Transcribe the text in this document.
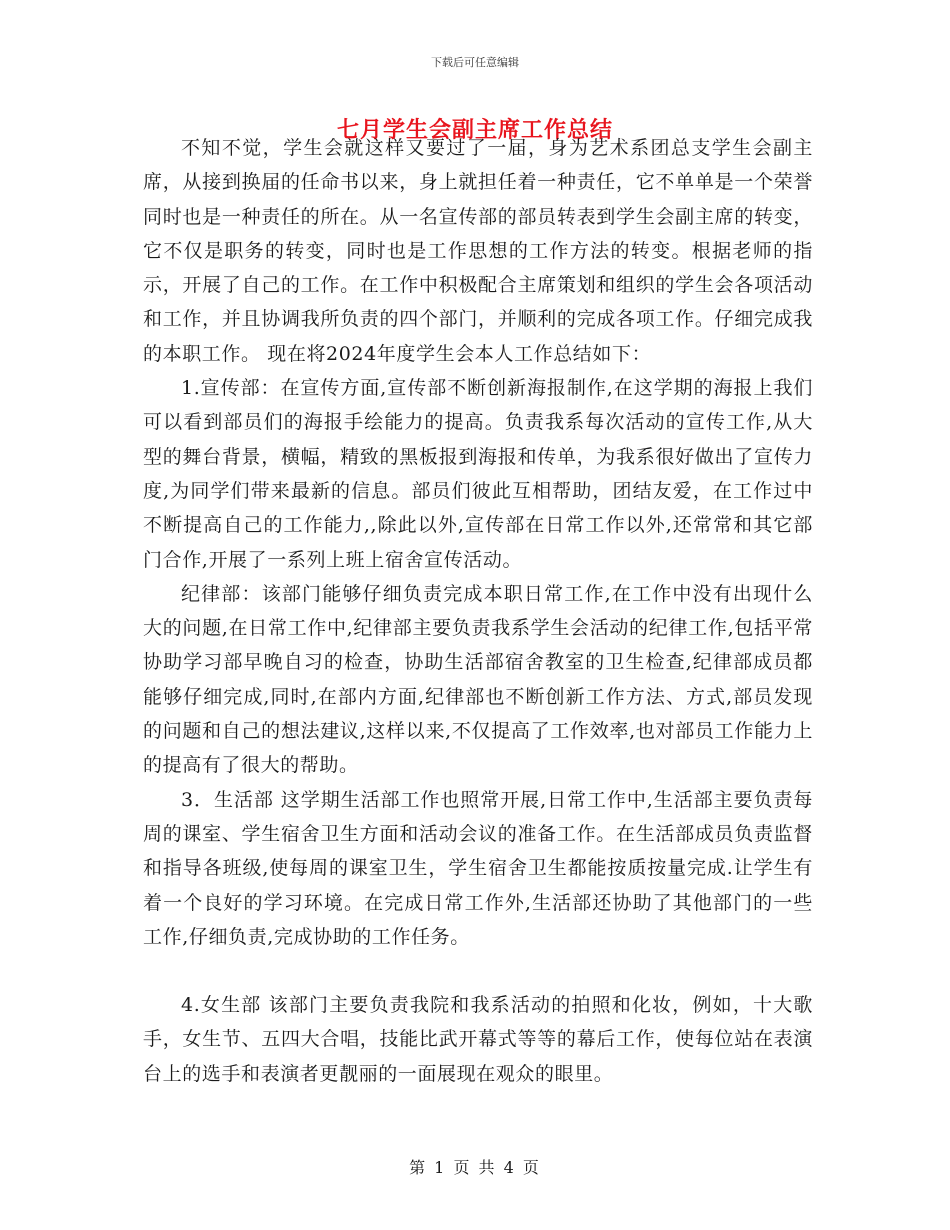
下载后可任意编辑
七月学生会副主席工作总结

不知不觉，学生会就这样又要过了一届，身为艺术系团总支学生会副主席，从接到换届的任命书以来，身上就担任着一种责任，它不单单是一个荣誉同时也是一种责任的所在。从一名宣传部的部员转表到学生会副主席的转变，它不仅是职务的转变，同时也是工作思想的工作方法的转变。根据老师的指示，开展了自己的工作。在工作中积极配合主席策划和组织的学生会各项活动和工作，并且协调我所负责的四个部门，并顺利的完成各项工作。仔细完成我的本职工作。 现在将2024年度学生会本人工作总结如下：

1.宣传部：在宣传方面,宣传部不断创新海报制作,在这学期的海报上我们可以看到部员们的海报手绘能力的提高。负责我系每次活动的宣传工作,从大型的舞台背景，横幅，精致的黑板报到海报和传单，为我系很好做出了宣传力度,为同学们带来最新的信息。部员们彼此互相帮助，团结友爱，在工作过中不断提高自己的工作能力,,除此以外,宣传部在日常工作以外,还常常和其它部门合作,开展了一系列上班上宿舍宣传活动。

纪律部：该部门能够仔细负责完成本职日常工作,在工作中没有出现什么大的问题,在日常工作中,纪律部主要负责我系学生会活动的纪律工作,包括平常协助学习部早晚自习的检查，协助生活部宿舍教室的卫生检查,纪律部成员都能够仔细完成,同时,在部内方面,纪律部也不断创新工作方法、方式,部员发现的问题和自己的想法建议,这样以来,不仅提高了工作效率,也对部员工作能力上的提高有了很大的帮助。

3．生活部 这学期生活部工作也照常开展,日常工作中,生活部主要负责每周的课室、学生宿舍卫生方面和活动会议的准备工作。在生活部成员负责监督和指导各班级,使每周的课室卫生，学生宿舍卫生都能按质按量完成.让学生有着一个良好的学习环境。在完成日常工作外,生活部还协助了其他部门的一些工作,仔细负责,完成协助的工作任务。

4.女生部 该部门主要负责我院和我系活动的拍照和化妆，例如，十大歌手，女生节、五四大合唱，技能比武开幕式等等的幕后工作，使每位站在表演台上的选手和表演者更靓丽的一面展现在观众的眼里。

第 1 页 共 4 页
